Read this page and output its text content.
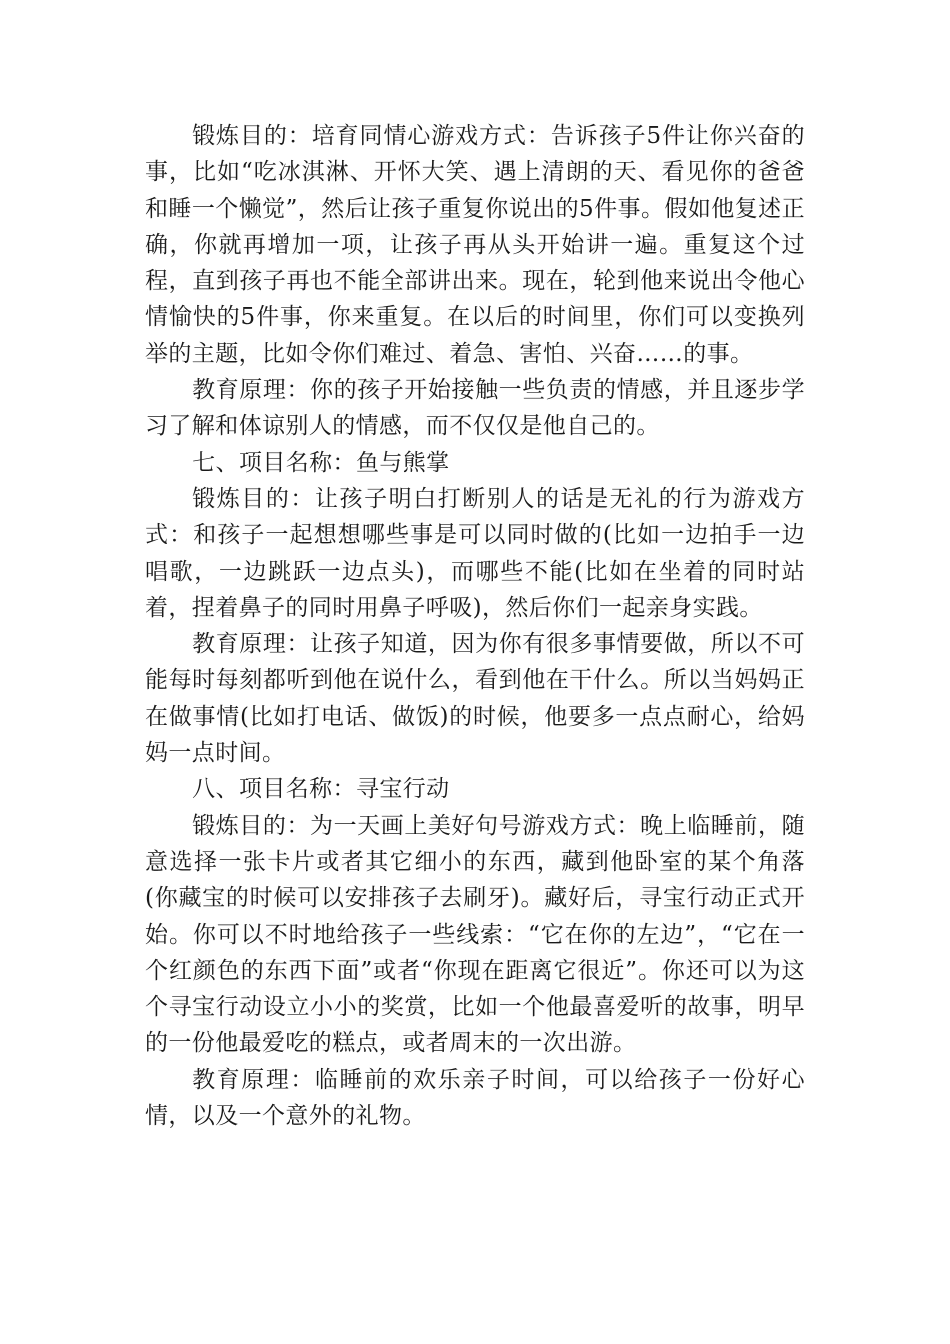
锻炼目的：培育同情心游戏方式：告诉孩子5件让你兴奋的事，比如“吃冰淇淋、开怀大笑、遇上清朗的天、看见你的爸爸和睡一个懒觉”，然后让孩子重复你说出的5件事。假如他复述正确，你就再增加一项，让孩子再从头开始讲一遍。重复这个过程，直到孩子再也不能全部讲出来。现在，轮到他来说出令他心情愉快的5件事，你来重复。在以后的时间里，你们可以变换列举的主题，比如令你们难过、着急、害怕、兴奋……的事。

教育原理：你的孩子开始接触一些负责的情感，并且逐步学习了解和体谅别人的情感，而不仅仅是他自己的。

七、项目名称：鱼与熊掌

锻炼目的：让孩子明白打断别人的话是无礼的行为游戏方式：和孩子一起想想哪些事是可以同时做的(比如一边拍手一边唱歌，一边跳跃一边点头)，而哪些不能(比如在坐着的同时站着，捏着鼻子的同时用鼻子呼吸)，然后你们一起亲身实践。

教育原理：让孩子知道，因为你有很多事情要做，所以不可能每时每刻都听到他在说什么，看到他在干什么。所以当妈妈正在做事情(比如打电话、做饭)的时候，他要多一点点耐心，给妈妈一点时间。

八、项目名称：寻宝行动

锻炼目的：为一天画上美好句号游戏方式：晚上临睡前，随意选择一张卡片或者其它细小的东西，藏到他卧室的某个角落(你藏宝的时候可以安排孩子去刷牙)。藏好后，寻宝行动正式开始。你可以不时地给孩子一些线索：“它在你的左边”，“它在一个红颜色的东西下面”或者“你现在距离它很近”。你还可以为这个寻宝行动设立小小的奖赏，比如一个他最喜爱听的故事，明早的一份他最爱吃的糕点，或者周末的一次出游。

教育原理：临睡前的欢乐亲子时间，可以给孩子一份好心情，以及一个意外的礼物。
